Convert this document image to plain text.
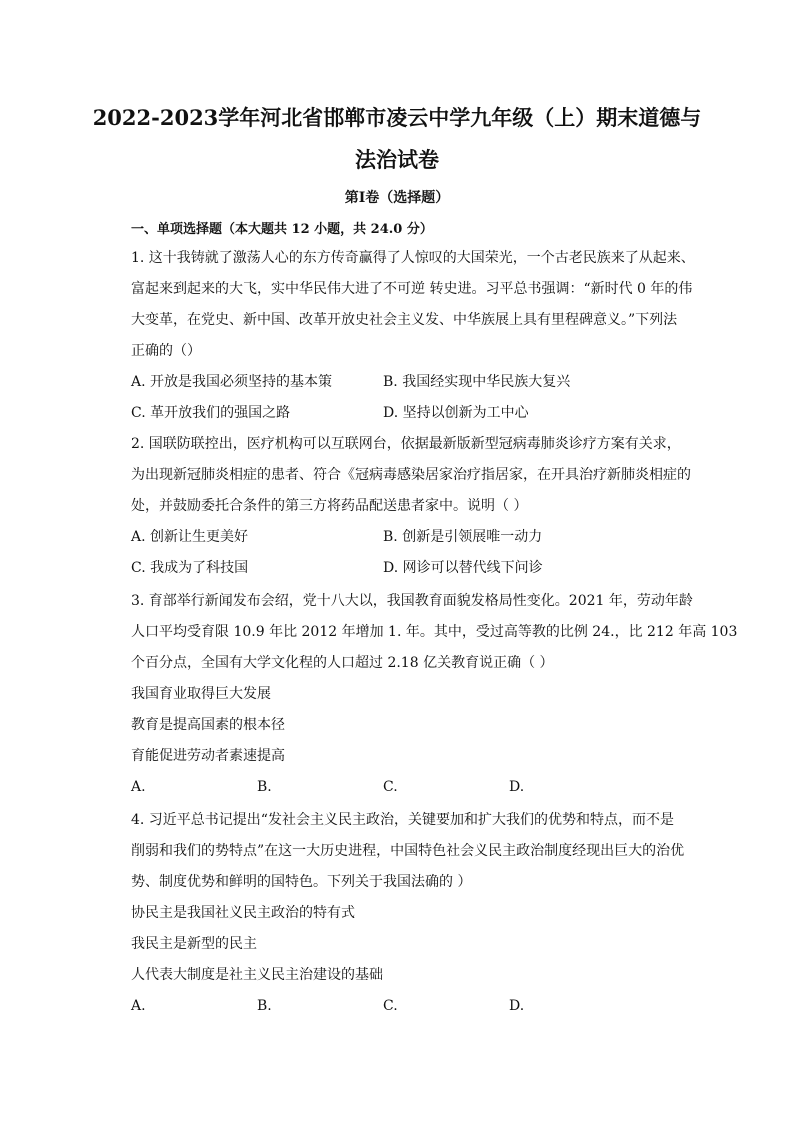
2022-2023学年河北省邯郸市凌云中学九年级（上）期末道德与
法治试卷
第Ⅰ卷（选择题）
一、单项选择题（本大题共 12 小题，共 24.0 分）
1. 这十我铸就了激荡人心的东方传奇赢得了人惊叹的大国荣光，一个古老民族来了从起来、
富起来到起来的大飞，实中华民伟大进了不可逆 转史进。习平总书强调：“新时代 0 年的伟
大变革，在党史、新中国、改革开放史社会主义发、中华族展上具有里程碑意义。”下列法
正确的（）
A. 开放是我国必须坚持的基本策	B. 我国经实现中华民族大复兴
C. 革开放我们的强国之路	D. 坚持以创新为工中心
2. 国联防联控出，医疗机构可以互联网台，依据最新版新型冠病毒肺炎诊疗方案有关求，
为出现新冠肺炎相症的患者、符合《冠病毒感染居家治疗指居家，在开具治疗新肺炎相症的
处，并鼓励委托合条件的第三方将药品配送患者家中。说明（ ）
A. 创新让生更美好	B. 创新是引领展唯一动力
C. 我成为了科技国	D. 网诊可以替代线下问诊
3. 育部举行新闻发布会绍，党十八大以，我国教育面貌发格局性变化。2021 年，劳动年龄
人口平均受育限 10.9 年比 2012 年增加 1. 年。其中，受过高等教的比例 24.，比 212 年高 103
个百分点，全国有大学文化程的人口超过 2.18 亿关教育说正确（ ）
我国育业取得巨大发展
教育是提高国素的根本径
育能促进劳动者素速提高
A.	B.	C.	D.
4. 习近平总书记提出“发社会主义民主政治，关键要加和扩大我们的优势和特点，而不是
削弱和我们的势特点”在这一大历史进程，中国特色社会义民主政治制度经现出巨大的治优
势、制度优势和鲜明的国特色。下列关于我国法确的 ）
协民主是我国社义民主政治的特有式
我民主是新型的民主
人代表大制度是社主义民主治建设的基础
A.	B.	C.	D.
